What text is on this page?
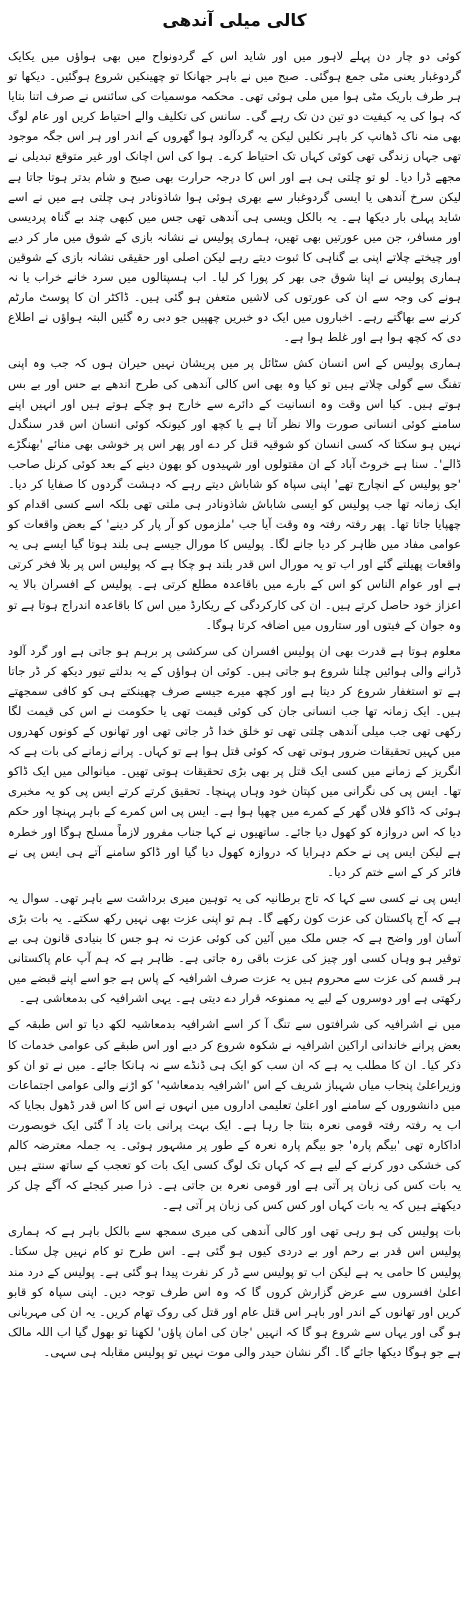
کالی میلی آندھی

کوئی دو چار دن پہلے لاہور میں اور شاید اس کے گردونواح میں بھی ہواؤں میں یکایک گردوغبار یعنی مٹی جمع ہوگئی۔ صبح میں نے باہر جھانکا تو چھینکیں شروع ہوگئیں۔ دیکھا تو ہر طرف باریک مٹی ہوا میں ملی ہوئی تھی۔ محکمہ موسمیات کی سائنس نے صرف اتنا بتایا کہ ہوا کی یہ کیفیت دو تین دن تک رہے گی۔ سانس کی تکلیف والے احتیاط کریں اور عام لوگ بھی منہ ناک ڈھانپ کر باہر نکلیں لیکن یہ گردآلود ہوا گھروں کے اندر اور ہر اس جگہ موجود تھی جہاں زندگی تھی کوئی کہاں تک احتیاط کرے۔ ہوا کی اس اچانک اور غیر متوقع تبدیلی نے مجھے ڈرا دیا۔ لو تو چلتی ہی ہے اور اس کا درجہ حرارت بھی صبح و شام بدتر ہوتا جاتا ہے لیکن سرخ آندھی یا ایسی گردوغبار سے بھری ہوئی ہوا شاذونادر ہی چلتی ہے میں نے اسے شاید پہلی بار دیکھا ہے۔ یہ بالکل ویسی ہی آندھی تھی جس میں کبھی چند بے گناہ پردیسی اور مسافر، جن میں عورتیں بھی تھیں، ہماری پولیس نے نشانہ بازی کے شوق میں مار کر دیے اور چیختے چلاتے اپنی بے گناہی کا ثبوت دیتے رہے لیکن اصلی اور حقیقی نشانہ بازی کے شوقین ہماری پولیس نے اپنا شوق جی بھر کر پورا کر لیا۔ اب ہسپتالوں میں سرد خانے خراب یا نہ ہونے کی وجہ سے ان کی عورتوں کی لاشیں متعفن ہو گئی ہیں۔ ڈاکٹر ان کا پوسٹ مارٹم کرنے سے بھاگتے رہے۔ اخباروں میں ایک دو خبریں چھپیں جو دبی رہ گئیں البتہ ہواؤں نے اطلاع دی کہ کچھ ہوا ہے اور غلط ہوا ہے۔

ہماری پولیس کے اس انسان کش سٹائل پر میں پریشان نہیں حیران ہوں کہ جب وہ اپنی تفنگ سے گولی چلاتے ہیں تو کیا وہ بھی اس کالی آندھی کی طرح اندھے بے حس اور بے بس ہوتے ہیں۔ کیا اس وقت وہ انسانیت کے دائرے سے خارج ہو چکے ہوتے ہیں اور انہیں اپنے سامنے کوئی انسانی صورت والا نظر آتا ہے یا کچھ اور کیونکہ کوئی انسان اس قدر سنگدل نہیں ہو سکتا کہ کسی انسان کو شوقیہ قتل کر دے اور پھر اس پر خوشی بھی منائے 'بھنگڑے ڈالے'۔ سنا ہے خروٹ آباد کے ان مقتولوں اور شہیدوں کو بھون دینے کے بعد کوئی کرنل صاحب 'جو پولیس کے انچارج تھے' اپنی سپاہ کو شاباش دیتے رہے کہ دہشت گردوں کا صفایا کر دیا۔ ایک زمانہ تھا جب پولیس کو ایسی شاباش شاذونادر ہی ملتی تھی بلکہ اسے کسی اقدام کو چھپایا جاتا تھا۔ پھر رفتہ رفتہ وہ وقت آیا جب 'ملزموں کو آر پار کر دینے' کے بعض واقعات کو عوامی مفاد میں ظاہر کر دیا جانے لگا۔ پولیس کا مورال جیسے ہی بلند ہوتا گیا ایسے ہی یہ واقعات پھیلتے گئے اور اب تو یہ مورال اس قدر بلند ہو چکا ہے کہ پولیس اس پر بلا فخر کرتی ہے اور عوام الناس کو اس کے بارے میں باقاعدہ مطلع کرتی ہے۔ پولیس کے افسران بالا یہ اعزاز خود حاصل کرتے ہیں۔ ان کی کارکردگی کے ریکارڈ میں اس کا باقاعدہ اندراج ہوتا ہے تو وہ جوان کے فیتوں اور ستاروں میں اضافہ کرتا ہوگا۔

معلوم ہوتا ہے قدرت بھی ان پولیس افسران کی سرکشی پر برہم ہو جاتی ہے اور گرد آلود ڈرانے والی ہوائیں چلنا شروع ہو جاتی ہیں۔ کوئی ان ہواؤں کے یہ بدلتے تیور دیکھ کر ڈر جاتا ہے تو استغفار شروع کر دیتا ہے اور کچھ میرے جیسے صرف چھینکتے ہی کو کافی سمجھتے ہیں۔ ایک زمانہ تھا جب انسانی جان کی کوئی قیمت تھی یا حکومت نے اس کی قیمت لگا رکھی تھی جب میلی آندھی چلتی تھی تو خلق خدا ڈر جاتی تھی اور تھانوں کے کونوں کھدروں میں کہیں تحقیقات ضرور ہوتی تھی کہ کوئی قتل ہوا ہے تو کہاں۔ پرانے زمانے کی بات ہے کہ انگریز کے زمانے میں کسی ایک قتل پر بھی بڑی تحقیقات ہوتی تھیں۔ میانوالی میں ایک ڈاکو تھا۔ ایس پی کی نگرانی میں کپتان خود وہاں پہنچا۔ تحقیق کرتے کرتے ایس پی کو یہ مخبری ہوئی کہ ڈاکو فلاں گھر کے کمرے میں چھپا ہوا ہے۔ ایس پی اس کمرے کے باہر پہنچا اور حکم دیا کہ اس دروازہ کو کھول دیا جائے۔ ساتھیوں نے کہا جناب مفرور لازماً مسلح ہوگا اور خطرہ ہے لیکن ایس پی نے حکم دہرایا کہ دروازہ کھول دیا گیا اور ڈاکو سامنے آتے ہی ایس پی نے فائر کر کے اسے ختم کر دیا۔

ایس پی نے کسی سے کہا کہ تاج برطانیہ کی یہ توہین میری برداشت سے باہر تھی۔ سوال یہ ہے کہ آج پاکستان کی عزت کون رکھے گا۔ ہم تو اپنی عزت بھی نہیں رکھ سکتے۔ یہ بات بڑی آسان اور واضح ہے کہ جس ملک میں آئین کی کوئی عزت نہ ہو جس کا بنیادی قانون ہی بے توقیر ہو وہاں کسی اور چیز کی عزت باقی رہ جاتی ہے۔ ظاہر ہے کہ ہم آپ عام پاکستانی ہر قسم کی عزت سے محروم ہیں یہ عزت صرف اشرافیہ کے پاس ہے جو اسے اپنے قبضے میں رکھتی ہے اور دوسروں کے لیے یہ ممنوعہ قرار دے دیتی ہے۔ یہی اشرافیہ کی بدمعاشی ہے۔

میں نے اشرافیہ کی شرافتوں سے تنگ آ کر اسے اشرافیہ بدمعاشیہ لکھ دیا تو اس طبقہ کے بعض پرانے خاندانی اراکین اشرافیہ نے شکوہ شروع کر دیے اور اس طبقے کی عوامی خدمات کا ذکر کیا۔ ان کا مطلب یہ ہے کہ ان سب کو ایک ہی ڈنڈے سے نہ ہانکا جائے۔ میں نے تو ان کو وزیراعلیٰ پنجاب میاں شہباز شریف کے اس 'اشرافیہ بدمعاشیہ' کو اڑنے والی عوامی اجتماعات میں دانشوروں کے سامنے اور اعلیٰ تعلیمی اداروں میں انہوں نے اس کا اس قدر ڈھول بجایا کہ اب یہ رفتہ رفتہ قومی نعرہ بنتا جا رہا ہے۔ ایک بہت پرانی بات یاد آ گئی ایک خوبصورت اداکارہ تھی 'بیگم پارہ' جو بیگم پارہ نعرہ کے طور پر مشہور ہوئی۔ یہ جملہ معترضہ کالم کی خشکی دور کرنے کے لیے ہے کہ کہاں تک لوگ کسی ایک بات کو تعجب کے ساتھ سنتے ہیں یہ بات کس کی زبان پر آتی ہے اور قومی نعرہ بن جاتی ہے۔ ذرا صبر کیجئے کہ آگے چل کر دیکھتے ہیں کہ یہ بات کہاں اور کس کس کی زبان پر آتی ہے۔

بات پولیس کی ہو رہی تھی اور کالی آندھی کی میری سمجھ سے بالکل باہر ہے کہ ہماری پولیس اس قدر بے رحم اور بے دردی کیوں ہو گئی ہے۔ اس طرح تو کام نہیں چل سکتا۔ پولیس کا حامی یہ ہے لیکن اب تو پولیس سے ڈر کر نفرت پیدا ہو گئی ہے۔ پولیس کے درد مند اعلیٰ افسروں سے عرض گزارش کروں گا کہ وہ اس طرف توجہ دیں۔ اپنی سپاہ کو قابو کریں اور تھانوں کے اندر اور باہر اس قتل عام اور قتل کی روک تھام کریں۔ یہ ان کی مہربانی ہو گی اور یہاں سے شروع ہو گا کہ انہیں 'جان کی امان پاؤں' لکھنا تو بھول گیا اب اللہ مالک ہے جو ہوگا دیکھا جائے گا۔ اگر نشان حیدر والی موت نہیں تو پولیس مقابلہ ہی سہی۔
